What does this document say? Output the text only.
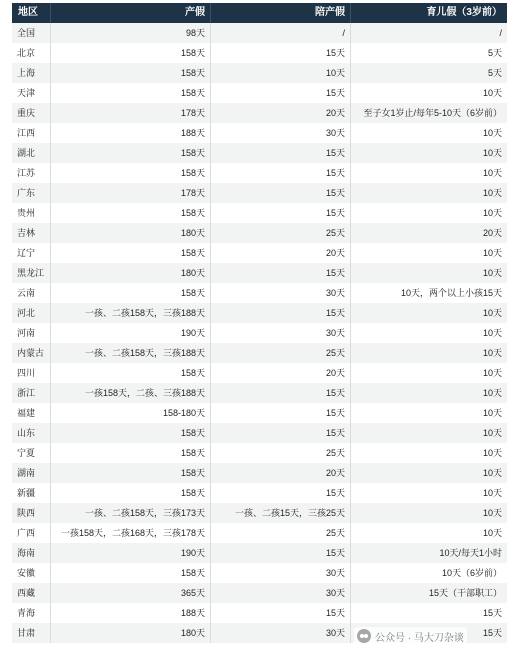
地区	产假	陪产假	育儿假（3岁前）
全国	98天	/	/
北京	158天	15天	5天
上海	158天	10天	5天
天津	158天	15天	10天
重庆	178天	20天	至子女1岁止/每年5-10天（6岁前）
江西	188天	30天	10天
湖北	158天	15天	10天
江苏	158天	15天	10天
广东	178天	15天	10天
贵州	158天	15天	10天
吉林	180天	25天	20天
辽宁	158天	20天	10天
黑龙江	180天	15天	10天
云南	158天	30天	10天，两个以上小孩15天
河北	一孩、二孩158天，三孩188天	15天	10天
河南	190天	30天	10天
内蒙古	一孩、二孩158天，三孩188天	25天	10天
四川	158天	20天	10天
浙江	一孩158天，二孩、三孩188天	15天	10天
福建	158-180天	15天	10天
山东	158天	15天	10天
宁夏	158天	25天	10天
湖南	158天	20天	10天
新疆	158天	15天	10天
陕西	一孩、二孩158天，三孩173天	一孩、二孩15天，三孩25天	10天
广西	一孩158天，二孩168天，三孩178天	25天	10天
海南	190天	15天	10天/每天1小时
安徽	158天	30天	10天（6岁前）
西藏	365天	30天	15天（干部职工）
青海	188天	15天	15天
甘肃	180天	30天	15天
公众号 · 马大刀杂谈
